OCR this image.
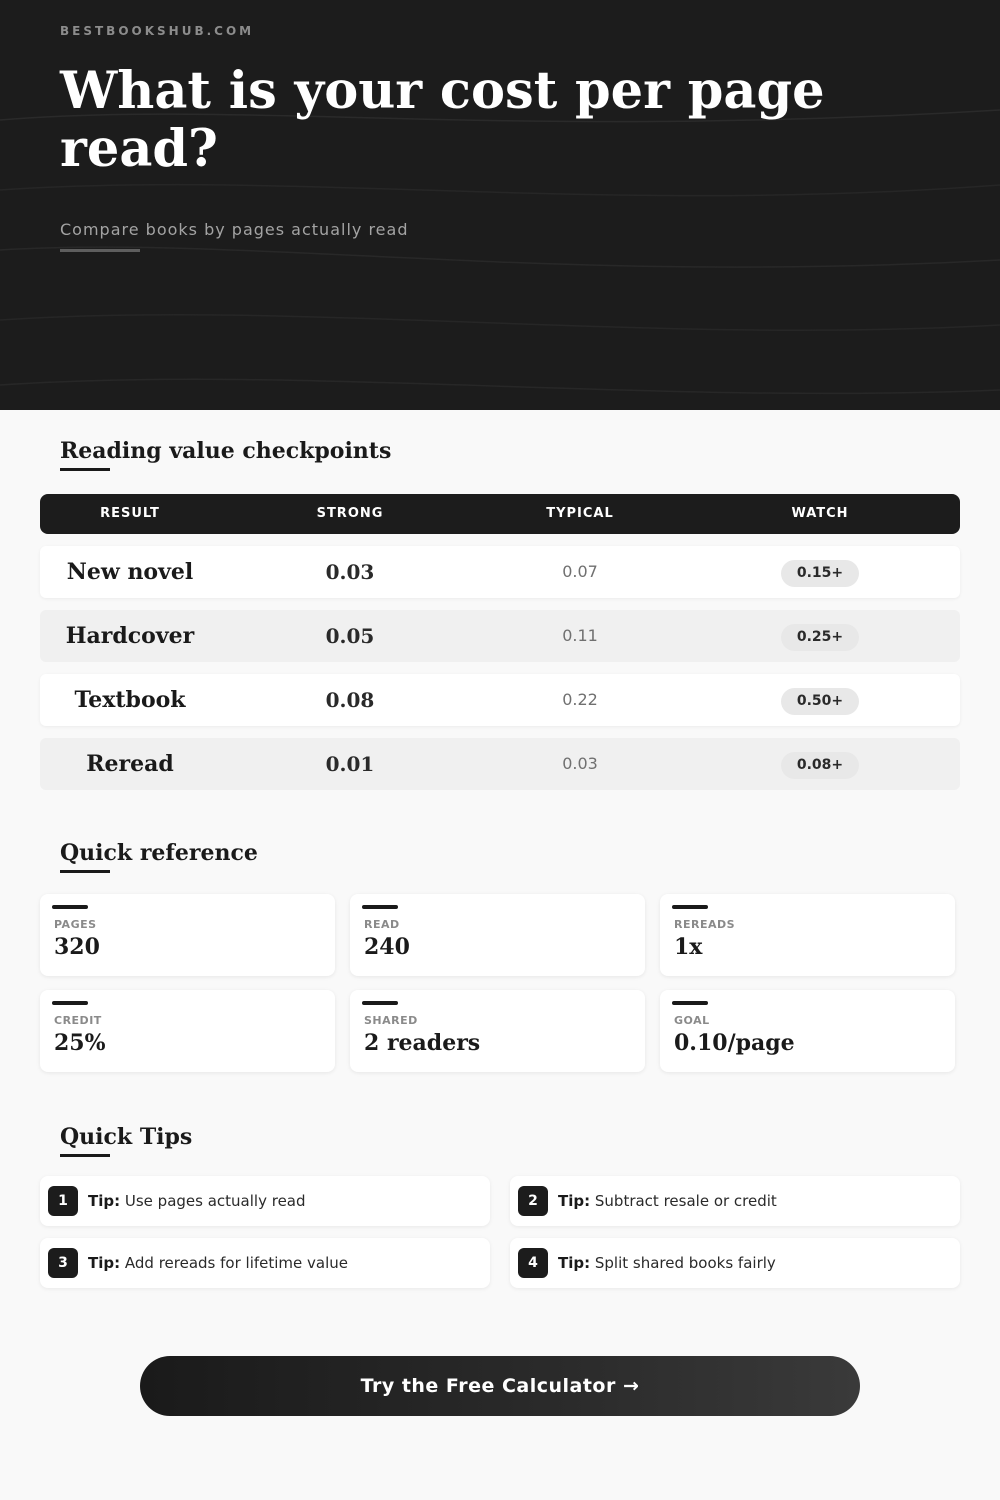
BESTBOOKSHUB.COM
What is your cost per page read?
Compare books by pages actually read
Reading value checkpoints
RESULT	STRONG	TYPICAL	WATCH
New novel	0.03	0.07	0.15+
Hardcover	0.05	0.11	0.25+
Textbook	0.08	0.22	0.50+
Reread	0.01	0.03	0.08+
Quick reference
PAGES
320
READ
240
REREADS
1x
CREDIT
25%
SHARED
2 readers
GOAL
0.10/page
Quick Tips
1	Tip: Use pages actually read	2	Tip: Subtract resale or credit
3	Tip: Add rereads for lifetime value	4	Tip: Split shared books fairly
Try the Free Calculator →
